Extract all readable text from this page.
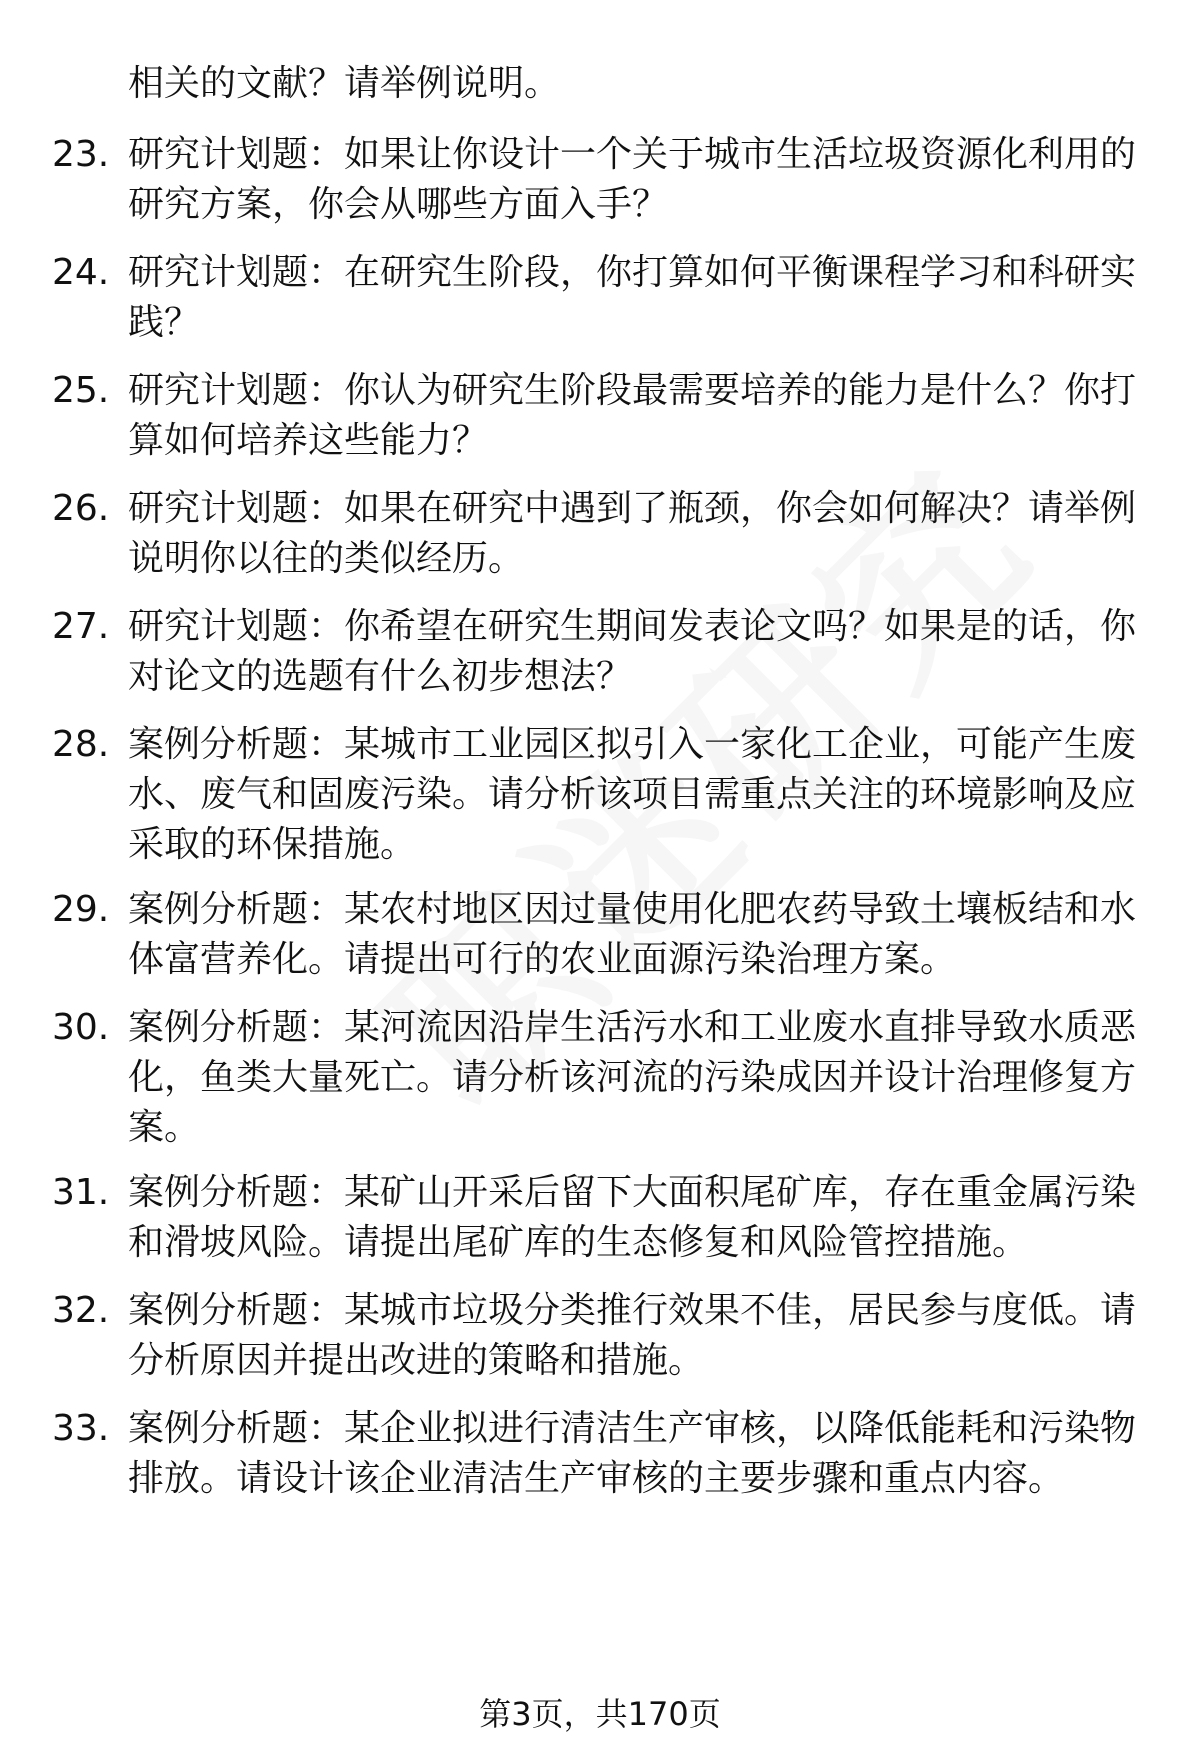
相关的文献？请举例说明。
23. 研究计划题：如果让你设计一个关于城市生活垃圾资源化利用的研究方案，你会从哪些方面入手？
24. 研究计划题：在研究生阶段，你打算如何平衡课程学习和科研实践？
25. 研究计划题：你认为研究生阶段最需要培养的能力是什么？你打算如何培养这些能力？
26. 研究计划题：如果在研究中遇到了瓶颈，你会如何解决？请举例说明你以往的类似经历。
27. 研究计划题：你希望在研究生期间发表论文吗？如果是的话，你对论文的选题有什么初步想法？
28. 案例分析题：某城市工业园区拟引入一家化工企业，可能产生废水、废气和固废污染。请分析该项目需重点关注的环境影响及应采取的环保措施。
29. 案例分析题：某农村地区因过量使用化肥农药导致土壤板结和水体富营养化。请提出可行的农业面源污染治理方案。
30. 案例分析题：某河流因沿岸生活污水和工业废水直排导致水质恶化，鱼类大量死亡。请分析该河流的污染成因并设计治理修复方案。
31. 案例分析题：某矿山开采后留下大面积尾矿库，存在重金属污染和滑坡风险。请提出尾矿库的生态修复和风险管控措施。
32. 案例分析题：某城市垃圾分类推行效果不佳，居民参与度低。请分析原因并提出改进的策略和措施。
33. 案例分析题：某企业拟进行清洁生产审核，以降低能耗和污染物排放。请设计该企业清洁生产审核的主要步骤和重点内容。
第3页，共170页
